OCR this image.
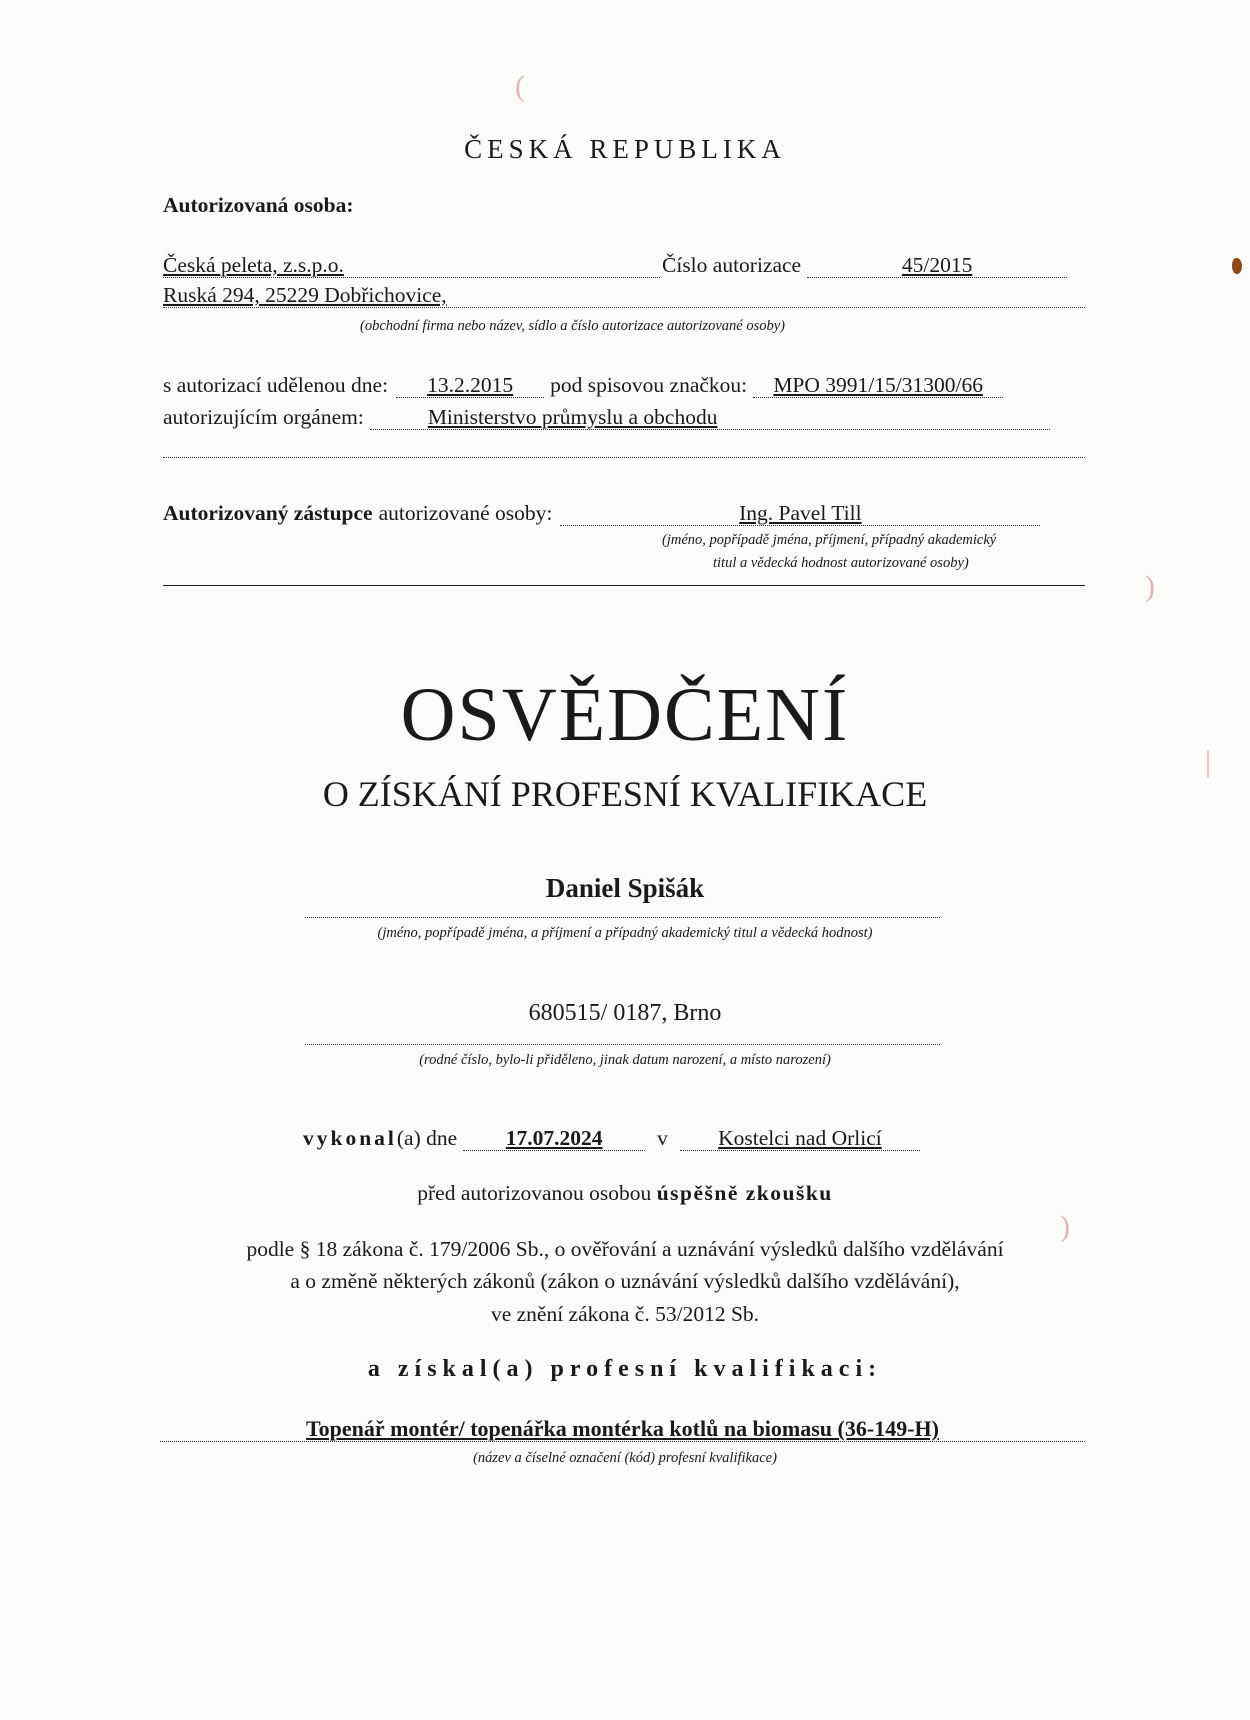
ČESKÁ REPUBLIKA
Autorizovaná osoba:
Česká peleta, z.s.p.o.	Číslo autorizace	45/2015
Ruská 294, 25229 Dobřichovice,
(obchodní firma nebo název, sídlo a číslo autorizace autorizované osoby)
s autorizací udělenou dne:	13.2.2015	pod spisovou značkou:	MPO 3991/15/31300/66
autorizujícím orgánem:	Ministerstvo průmyslu a obchodu
Autorizovaný zástupce autorizované osoby:	Ing. Pavel Till
(jméno, popřípadě jména, příjmení, případný akademický
titul a vědecká hodnost autorizované osoby)
OSVĚDČENÍ
O ZÍSKÁNÍ PROFESNÍ KVALIFIKACE
Daniel Spišák
(jméno, popřípadě jména, a příjmení a případný akademický titul a vědecká hodnost)
680515/ 0187, Brno
(rodné číslo, bylo-li přiděleno, jinak datum narození, a místo narození)
vykonal (a) dne	17.07.2024	v	Kostelci nad Orlicí
před autorizovanou osobou úspěšně zkoušku
podle § 18 zákona č. 179/2006 Sb., o ověřování a uznávání výsledků dalšího vzdělávání
a o změně některých zákonů (zákon o uznávání výsledků dalšího vzdělávání),
ve znění zákona č. 53/2012 Sb.
a získal(a) profesní kvalifikaci:
Topenář montér/ topenářka montérka kotlů na biomasu (36-149-H)
(název a číselné označení (kód) profesní kvalifikace)
(
)
|
)
